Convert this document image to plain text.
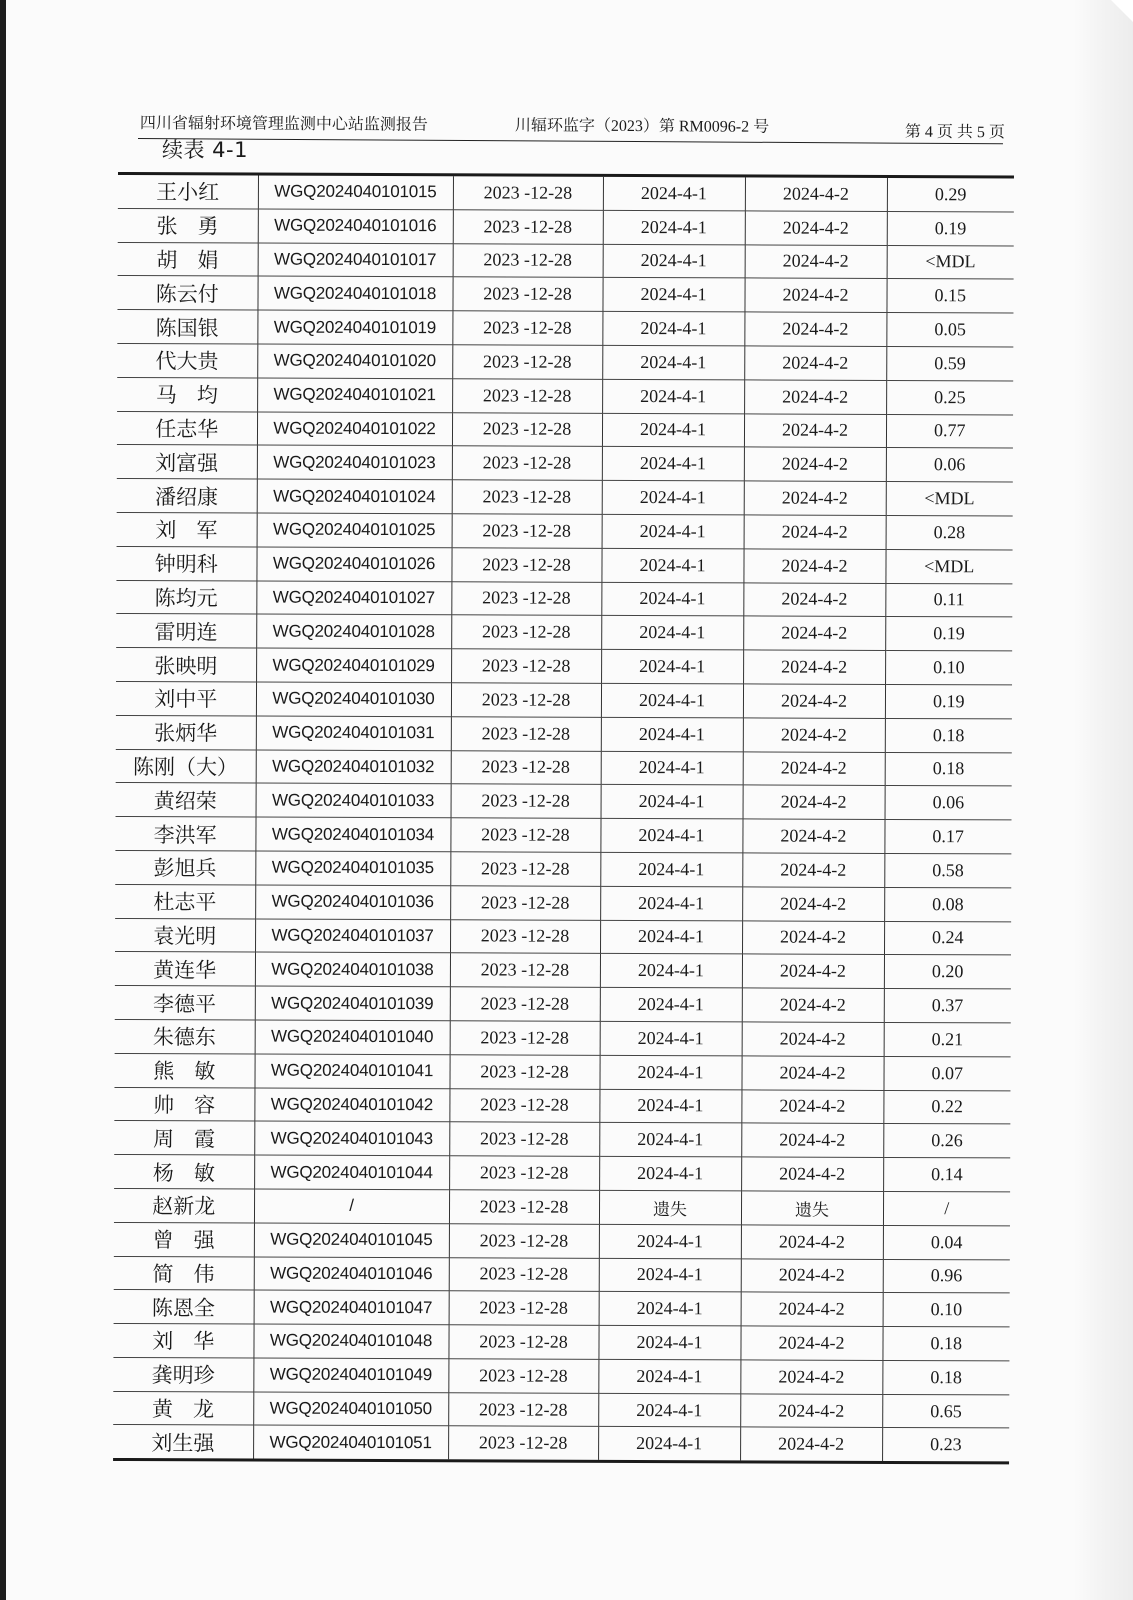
四川省辐射环境管理监测中心站监测报告	川辐环监字（2023）第 RM0096-2 号	第 4 页 共 5 页
续表 4-1
王小红	WGQ2024040101015	2023 -12-28	2024-4-1	2024-4-2	0.29
张勇	WGQ2024040101016	2023 -12-28	2024-4-1	2024-4-2	0.19
胡娟	WGQ2024040101017	2023 -12-28	2024-4-1	2024-4-2	<MDL
陈云付	WGQ2024040101018	2023 -12-28	2024-4-1	2024-4-2	0.15
陈国银	WGQ2024040101019	2023 -12-28	2024-4-1	2024-4-2	0.05
代大贵	WGQ2024040101020	2023 -12-28	2024-4-1	2024-4-2	0.59
马均	WGQ2024040101021	2023 -12-28	2024-4-1	2024-4-2	0.25
任志华	WGQ2024040101022	2023 -12-28	2024-4-1	2024-4-2	0.77
刘富强	WGQ2024040101023	2023 -12-28	2024-4-1	2024-4-2	0.06
潘绍康	WGQ2024040101024	2023 -12-28	2024-4-1	2024-4-2	<MDL
刘军	WGQ2024040101025	2023 -12-28	2024-4-1	2024-4-2	0.28
钟明科	WGQ2024040101026	2023 -12-28	2024-4-1	2024-4-2	<MDL
陈均元	WGQ2024040101027	2023 -12-28	2024-4-1	2024-4-2	0.11
雷明连	WGQ2024040101028	2023 -12-28	2024-4-1	2024-4-2	0.19
张映明	WGQ2024040101029	2023 -12-28	2024-4-1	2024-4-2	0.10
刘中平	WGQ2024040101030	2023 -12-28	2024-4-1	2024-4-2	0.19
张炳华	WGQ2024040101031	2023 -12-28	2024-4-1	2024-4-2	0.18
陈刚（大）	WGQ2024040101032	2023 -12-28	2024-4-1	2024-4-2	0.18
黄绍荣	WGQ2024040101033	2023 -12-28	2024-4-1	2024-4-2	0.06
李洪军	WGQ2024040101034	2023 -12-28	2024-4-1	2024-4-2	0.17
彭旭兵	WGQ2024040101035	2023 -12-28	2024-4-1	2024-4-2	0.58
杜志平	WGQ2024040101036	2023 -12-28	2024-4-1	2024-4-2	0.08
袁光明	WGQ2024040101037	2023 -12-28	2024-4-1	2024-4-2	0.24
黄连华	WGQ2024040101038	2023 -12-28	2024-4-1	2024-4-2	0.20
李德平	WGQ2024040101039	2023 -12-28	2024-4-1	2024-4-2	0.37
朱德东	WGQ2024040101040	2023 -12-28	2024-4-1	2024-4-2	0.21
熊敏	WGQ2024040101041	2023 -12-28	2024-4-1	2024-4-2	0.07
帅容	WGQ2024040101042	2023 -12-28	2024-4-1	2024-4-2	0.22
周霞	WGQ2024040101043	2023 -12-28	2024-4-1	2024-4-2	0.26
杨敏	WGQ2024040101044	2023 -12-28	2024-4-1	2024-4-2	0.14
赵新龙	/	2023 -12-28	遗失	遗失	/
曾强	WGQ2024040101045	2023 -12-28	2024-4-1	2024-4-2	0.04
简伟	WGQ2024040101046	2023 -12-28	2024-4-1	2024-4-2	0.96
陈恩全	WGQ2024040101047	2023 -12-28	2024-4-1	2024-4-2	0.10
刘华	WGQ2024040101048	2023 -12-28	2024-4-1	2024-4-2	0.18
龚明珍	WGQ2024040101049	2023 -12-28	2024-4-1	2024-4-2	0.18
黄龙	WGQ2024040101050	2023 -12-28	2024-4-1	2024-4-2	0.65
刘生强	WGQ2024040101051	2023 -12-28	2024-4-1	2024-4-2	0.23
